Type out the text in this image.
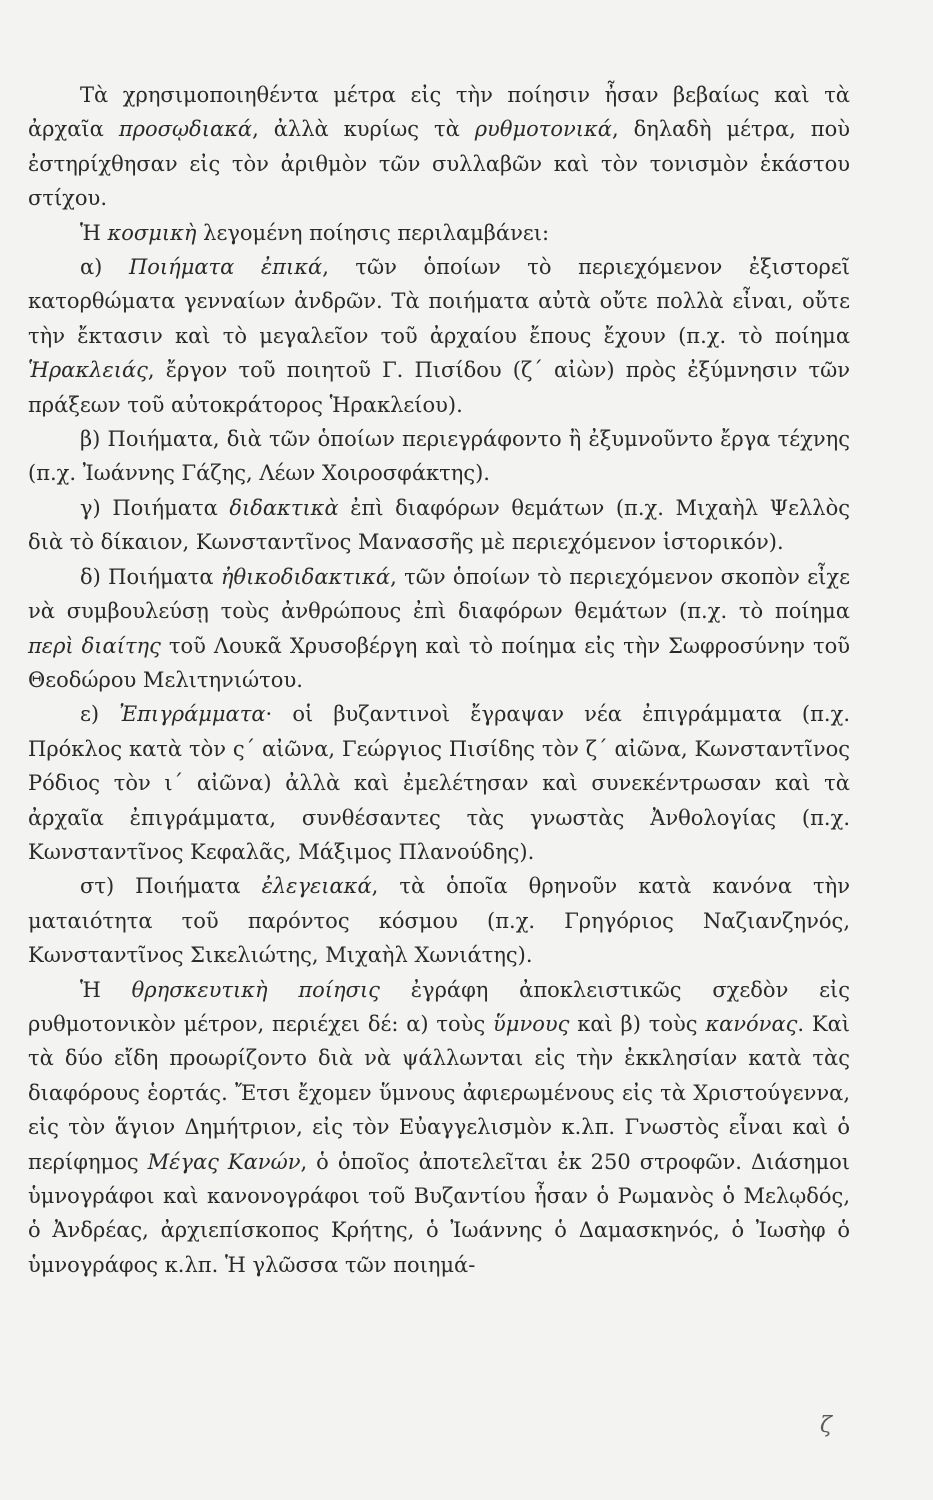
Τὰ χρησιμοποιηθέντα μέτρα εἰς τὴν ποίησιν ἦσαν βεβαίως καὶ τὰ ἀρχαῖα προσῳδιακά, ἀλλὰ κυρίως τὰ ρυθμοτονικά, δηλαδὴ μέτρα, ποὺ ἐστηρίχθησαν εἰς τὸν ἀριθμὸν τῶν συλλαβῶν καὶ τὸν τονισμὸν ἑκάστου στίχου.

Ἡ κοσμικὴ λεγομένη ποίησις περιλαμβάνει:

α) Ποιήματα ἐπικά, τῶν ὁποίων τὸ περιεχόμενον ἐξιστορεῖ κατορθώματα γενναίων ἀνδρῶν. Τὰ ποιήματα αὐτὰ οὔτε πολλὰ εἶναι, οὔτε τὴν ἔκτασιν καὶ τὸ μεγαλεῖον τοῦ ἀρχαίου ἔπους ἔχουν (π.χ. τὸ ποίημα Ἡρακλειάς, ἔργον τοῦ ποιητοῦ Γ. Πισίδου (ζ΄ αἰὼν) πρὸς ἐξύμνησιν τῶν πράξεων τοῦ αὐτοκράτορος Ἡρακλείου).

β) Ποιήματα, διὰ τῶν ὁποίων περιεγράφοντο ἢ ἐξυμνοῦντο ἔργα τέχνης (π.χ. Ἰωάννης Γάζης, Λέων Χοιροσφάκτης).

γ) Ποιήματα διδακτικὰ ἐπὶ διαφόρων θεμάτων (π.χ. Μιχαὴλ Ψελλὸς διὰ τὸ δίκαιον, Κωνσταντῖνος Μανασσῆς μὲ περιεχόμενον ἱστορικόν).

δ) Ποιήματα ἠθικοδιδακτικά, τῶν ὁποίων τὸ περιεχόμενον σκοπὸν εἶχε νὰ συμβουλεύσῃ τοὺς ἀνθρώπους ἐπὶ διαφόρων θεμάτων (π.χ. τὸ ποίημα περὶ διαίτης τοῦ Λουκᾶ Χρυσοβέργη καὶ τὸ ποίημα εἰς τὴν Σωφροσύνην τοῦ Θεοδώρου Μελιτηνιώτου.

ε) Ἐπιγράμματα· οἱ βυζαντινοὶ ἔγραψαν νέα ἐπιγράμματα (π.χ. Πρόκλος κατὰ τὸν ς΄ αἰῶνα, Γεώργιος Πισίδης τὸν ζ΄ αἰῶνα, Κωνσταντῖνος Ρόδιος τὸν ι΄ αἰῶνα) ἀλλὰ καὶ ἐμελέτησαν καὶ συνεκέντρωσαν καὶ τὰ ἀρχαῖα ἐπιγράμματα, συνθέσαντες τὰς γνωστὰς Ἀνθολογίας (π.χ. Κωνσταντῖνος Κεφαλᾶς, Μάξιμος Πλανούδης).

στ) Ποιήματα ἐλεγειακά, τὰ ὁποῖα θρηνοῦν κατὰ κανόνα τὴν ματαιότητα τοῦ παρόντος κόσμου (π.χ. Γρηγόριος Ναζιανζηνός, Κωνσταντῖνος Σικελιώτης, Μιχαὴλ Χωνιάτης).

Ἡ θρησκευτικὴ ποίησις ἐγράφη ἀποκλειστικῶς σχεδὸν εἰς ρυθμοτονικὸν μέτρον, περιέχει δέ: α) τοὺς ὕμνους καὶ β) τοὺς κανόνας. Καὶ τὰ δύο εἴδη προωρίζοντο διὰ νὰ ψάλλωνται εἰς τὴν ἐκκλησίαν κατὰ τὰς διαφόρους ἑορτάς. Ἔτσι ἔχομεν ὕμνους ἀφιερωμένους εἰς τὰ Χριστούγεννα, εἰς τὸν ἅγιον Δημήτριον, εἰς τὸν Εὐαγγελισμὸν κ.λπ. Γνωστὸς εἶναι καὶ ὁ περίφημος Μέγας Κανών, ὁ ὁποῖος ἀποτελεῖται ἐκ 250 στροφῶν. Διάσημοι ὑμνογράφοι καὶ κανονογράφοι τοῦ Βυζαντίου ἦσαν ὁ Ρωμανὸς ὁ Μελῳδός, ὁ Ἀνδρέας, ἀρχιεπίσκοπος Κρήτης, ὁ Ἰωάννης ὁ Δαμασκηνός, ὁ Ἰωσὴφ ὁ ὑμνογράφος κ.λπ. Ἡ γλῶσσα τῶν ποιημά-

ζ
